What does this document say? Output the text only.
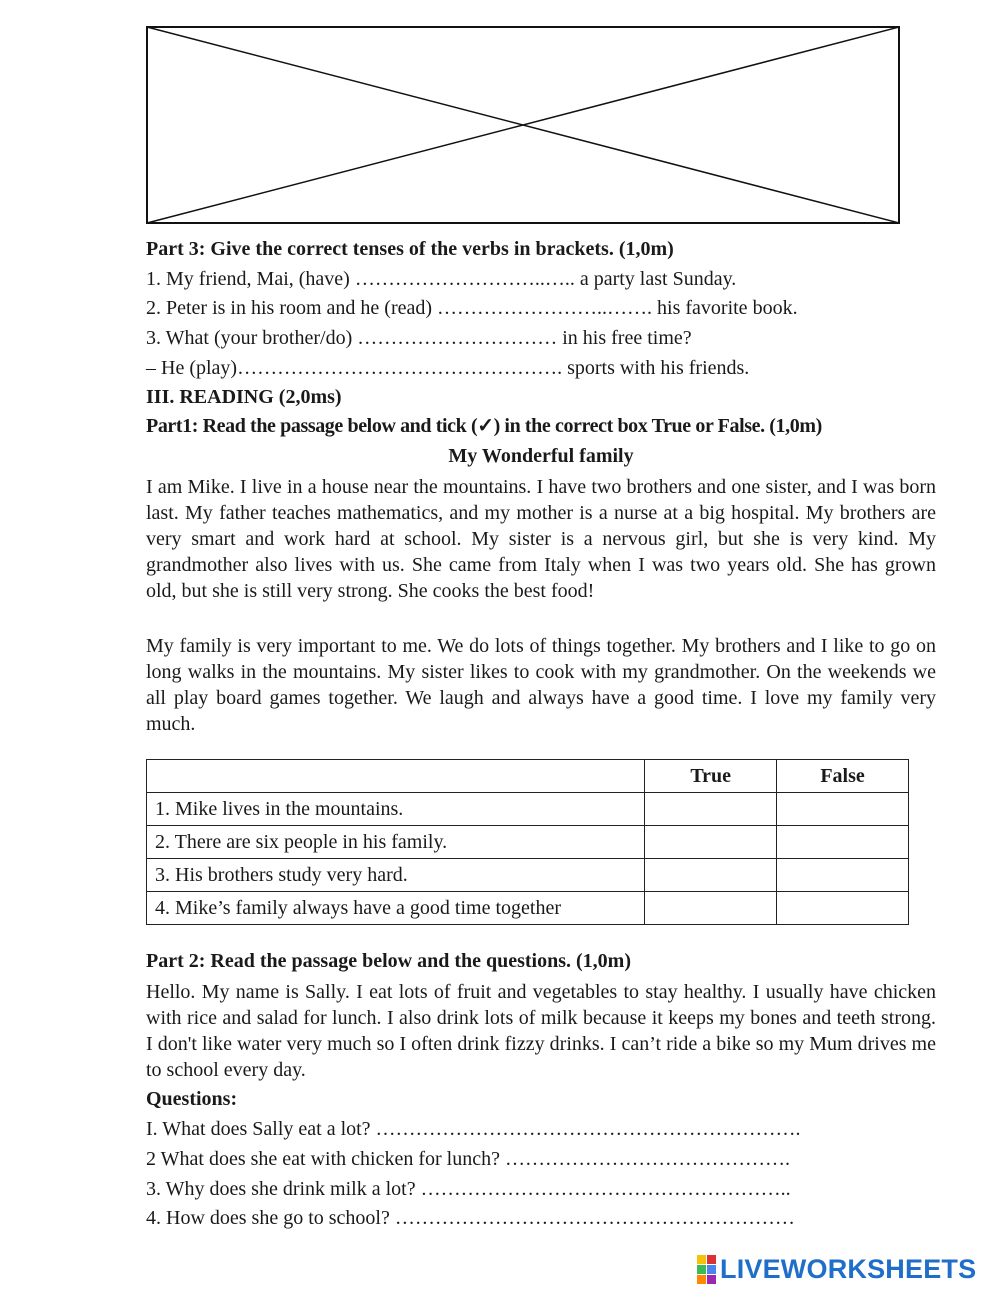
Part 3: Give the correct tenses of the verbs in brackets. (1,0m)
1. My friend, Mai, (have) ………………………..….. a party last Sunday.
2. Peter is in his room and he (read) ……………………..……. his favorite book.
3. What (your brother/do) ………………………… in his free time?
– He (play)…………………………………………. sports with his friends.
III. READING (2,0ms)
Part1: Read the passage below and tick (✓) in the correct box True or False. (1,0m)
My Wonderful family
I am Mike. I live in a house near the mountains. I have two brothers and one sister, and I was born last. My father teaches mathematics, and my mother is a nurse at a big hospital. My brothers are very smart and work hard at school. My sister is a nervous girl, but she is very kind. My grandmother also lives with us. She came from Italy when I was two years old. She has grown old, but she is still very strong. She cooks the best food!
My family is very important to me. We do lots of things together. My brothers and I like to go on long walks in the mountains. My sister likes to cook with my grandmother. On the weekends we all play board games together. We laugh and always have a good time. I love my family very much.
	True	False
1. Mike lives in the mountains.		
2. There are six people in his family.		
3. His brothers study very hard.		
4. Mike’s family always have a good time together		
Part 2: Read the passage below and the questions. (1,0m)
Hello. My name is Sally. I eat lots of fruit and vegetables to stay healthy. I usually have chicken with rice and salad for lunch. I also drink lots of milk because it keeps my bones and teeth strong. I don't like water very much so I often drink fizzy drinks. I can’t ride a bike so my Mum drives me to school every day.
Questions:
I. What does Sally eat a lot? ……………………………………………………….
2 What does she eat with chicken for lunch? …………………………………….
3. Why does she drink milk a lot? ………………………………………………..
4. How does she go to school? ……………………………………………………
LIVEWORKSHEETS
